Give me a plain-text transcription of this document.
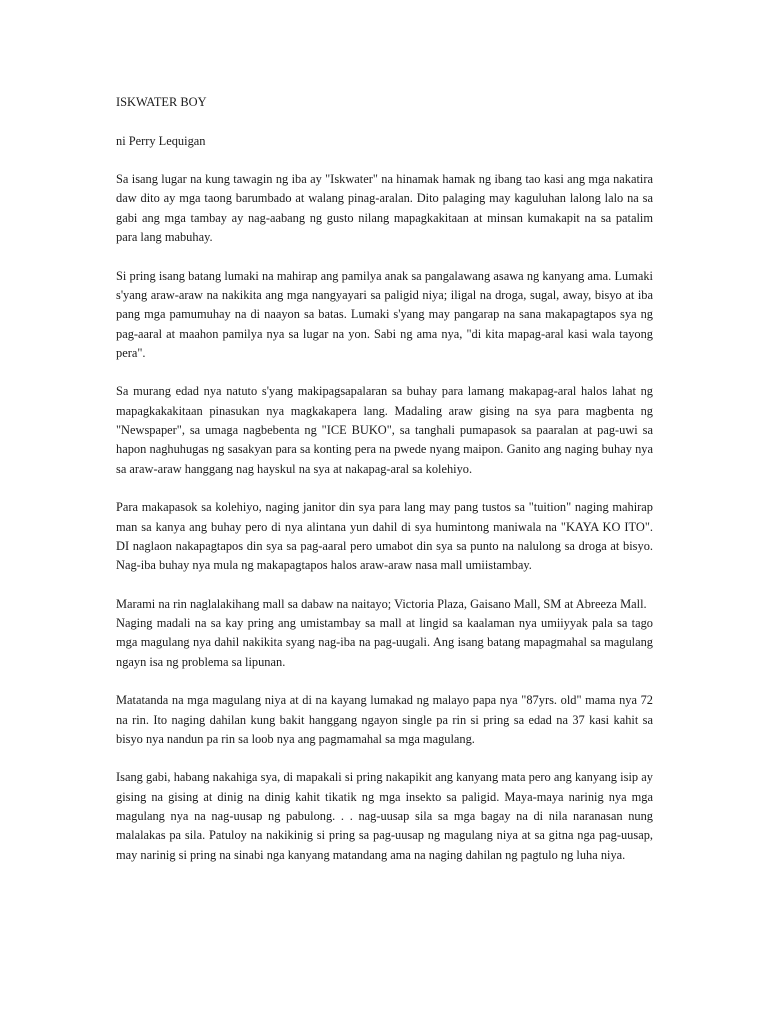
ISKWATER BOY
ni Perry Lequigan

Sa isang lugar na kung tawagin ng iba ay "Iskwater" na hinamak hamak ng ibang tao kasi ang mga nakatira daw dito ay mga taong barumbado at walang pinag-aralan. Dito palaging may kaguluhan lalong lalo na sa gabi ang mga tambay ay nag-aabang ng gusto nilang mapagkakitaan at minsan kumakapit na sa patalim para lang mabuhay.

Si pring isang batang lumaki na mahirap ang pamilya anak sa pangalawang asawa ng kanyang ama. Lumaki s'yang araw-araw na nakikita ang mga nangyayari sa paligid niya; iligal na droga, sugal, away, bisyo at iba pang mga pamumuhay na di naayon sa batas. Lumaki s'yang may pangarap na sana makapagtapos sya ng pag-aaral at maahon pamilya nya sa lugar na yon. Sabi ng ama nya, "di kita mapag-aral kasi wala tayong pera".

Sa murang edad nya natuto s'yang makipagsapalaran sa buhay para lamang makapag-aral halos lahat ng mapagkakakitaan pinasukan nya magkakapera lang. Madaling araw gising na sya para magbenta ng "Newspaper", sa umaga nagbebenta ng "ICE BUKO", sa tanghali pumapasok sa paaralan at pag-uwi sa hapon naghuhugas ng sasakyan para sa konting pera na pwede nyang maipon. Ganito ang naging buhay nya sa araw-araw hanggang nag hayskul na sya at nakapag-aral sa kolehiyo.

Para makapasok sa kolehiyo, naging janitor din sya para lang may pang tustos sa "tuition" naging mahirap man sa kanya ang buhay pero di nya alintana yun dahil di sya humintong maniwala na "KAYA KO ITO". DI naglaon nakapagtapos din sya sa pag-aaral pero umabot din sya sa punto na nalulong sa droga at bisyo. Nag-iba buhay nya mula ng makapagtapos halos araw-araw nasa mall umiistambay.

Marami na rin naglalakihang mall sa dabaw na naitayo; Victoria Plaza, Gaisano Mall, SM at Abreeza Mall.

Naging madali na sa kay pring ang umistambay sa mall at lingid sa kaalaman nya umiiyyak pala sa tago mga magulang nya dahil nakikita syang nag-iba na pag-uugali. Ang isang batang mapagmahal sa magulang ngayn isa ng problema sa lipunan.

Matatanda na mga magulang niya at di na kayang lumakad ng malayo papa nya "87yrs. old" mama nya 72 na rin. Ito naging dahilan kung bakit hanggang ngayon single pa rin si pring sa edad na 37 kasi kahit sa bisyo nya nandun pa rin sa loob nya ang pagmamahal sa mga magulang.

Isang gabi, habang nakahiga sya, di mapakali si pring nakapikit ang kanyang mata pero ang kanyang isip ay gising na gising at dinig na dinig kahit tikatik ng mga insekto sa paligid. Maya-maya narinig nya mga magulang nya na nag-uusap ng pabulong. . . nag-uusap sila sa mga bagay na di nila naranasan nung malalakas pa sila. Patuloy na nakikinig si pring sa pag-uusap ng magulang niya at sa gitna nga pag-uusap, may narinig si pring na sinabi nga kanyang matandang ama na naging dahilan ng pagtulo ng luha niya.
